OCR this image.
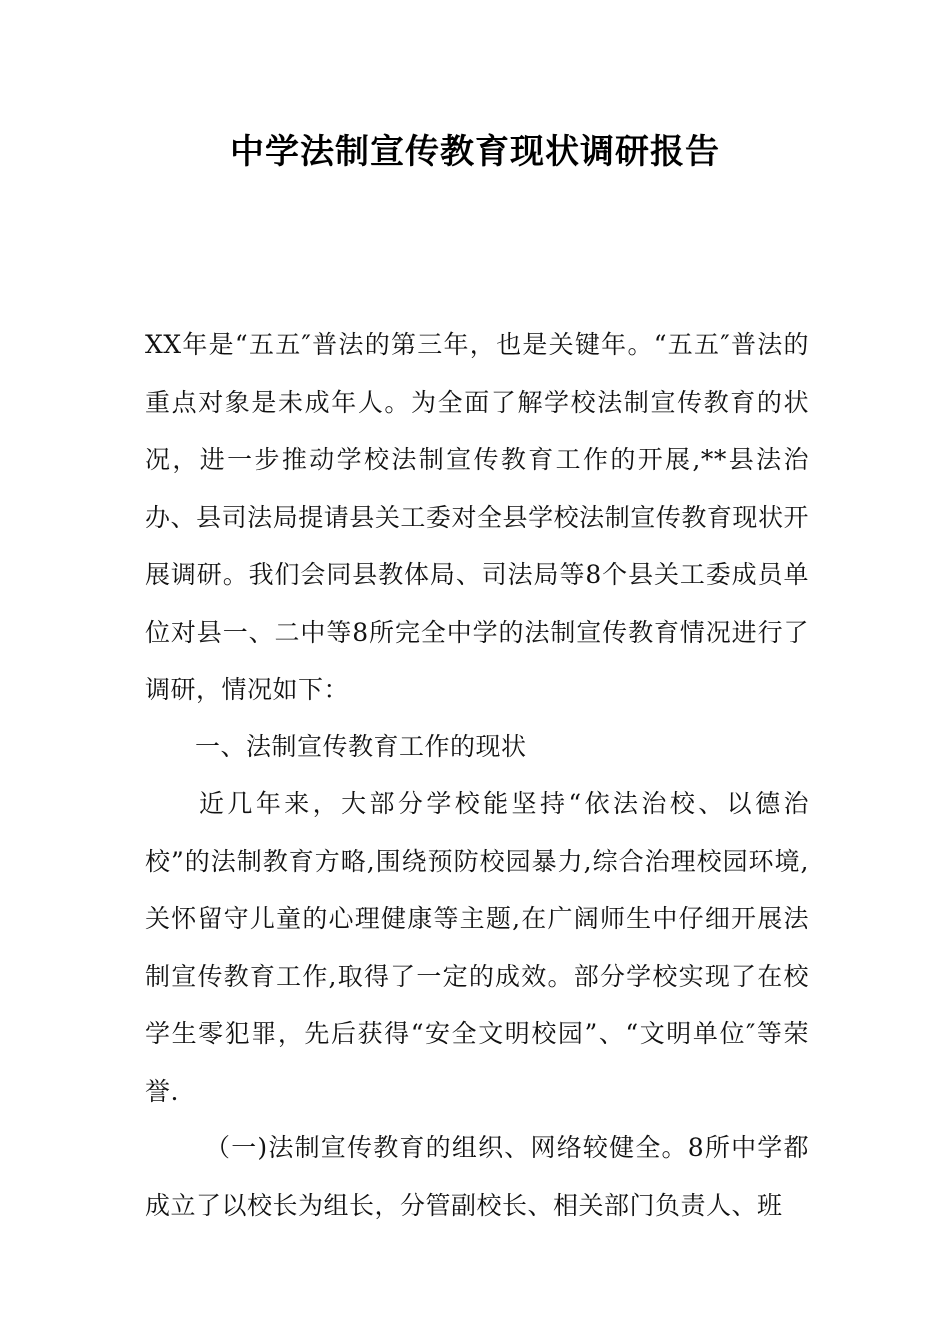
中学法制宣传教育现状调研报告
XX年是“五五″普法的第三年，也是关键年。“五五″普法的重点对象是未成年人。为全面了解学校法制宣传教育的状况，进一步推动学校法制宣传教育工作的开展,**县法治办、县司法局提请县关工委对全县学校法制宣传教育现状开展调研。我们会同县教体局、司法局等8个县关工委成员单位对县一、二中等8所完全中学的法制宣传教育情况进行了调研，情况如下：
一、法制宣传教育工作的现状
近几年来，大部分学校能坚持“依法治校、以德治校”的法制教育方略,围绕预防校园暴力,综合治理校园环境,关怀留守儿童的心理健康等主题,在广阔师生中仔细开展法制宣传教育工作,取得了一定的成效。部分学校实现了在校学生零犯罪，先后获得“安全文明校园”、“文明单位″等荣誉.
（一)法制宣传教育的组织、网络较健全。8所中学都成立了以校长为组长，分管副校长、相关部门负责人、班
